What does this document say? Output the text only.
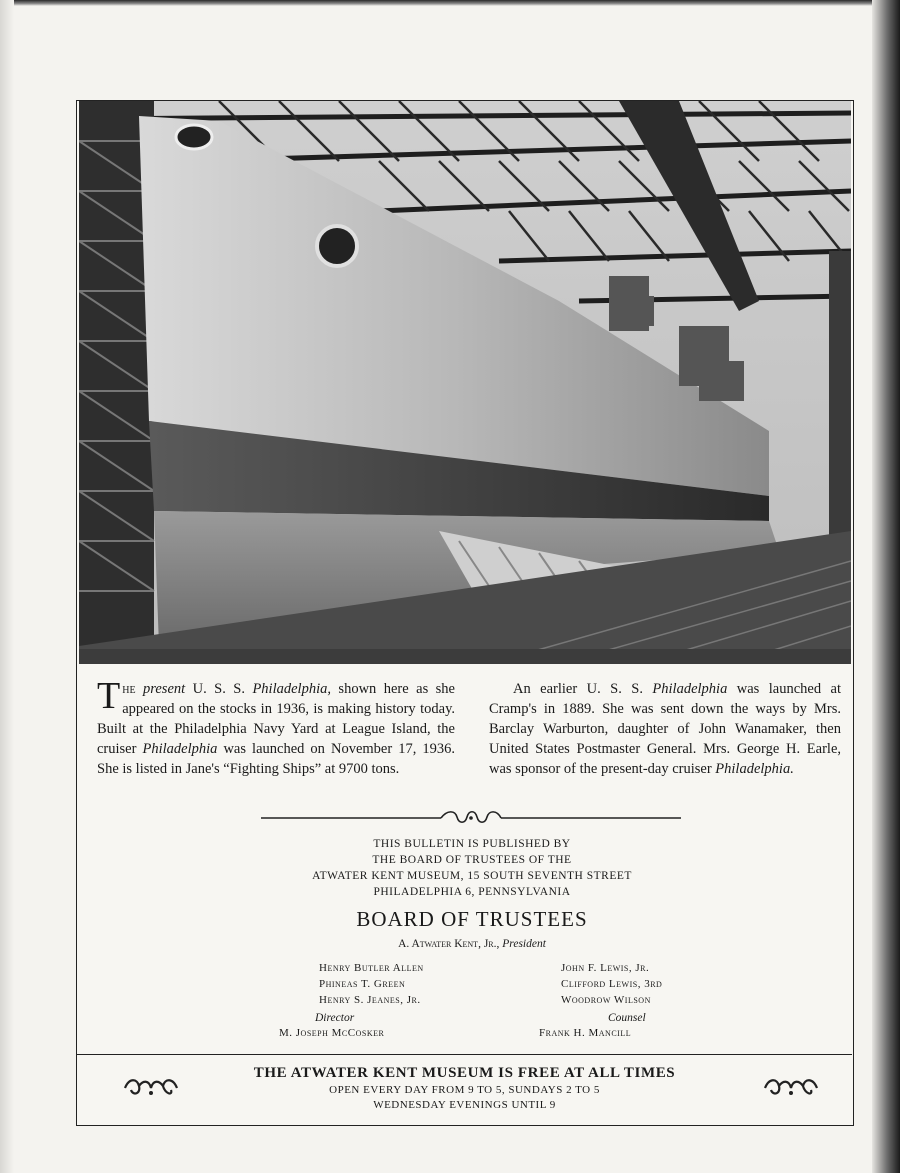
The present U. S. S. Philadelphia, shown here as she appeared on the stocks in 1936, is making history today. Built at the Philadelphia Navy Yard at League Island, the cruiser Philadelphia was launched on November 17, 1936. She is listed in Jane's “Fighting Ships” at 9700 tons.
An earlier U. S. S. Philadelphia was launched at Cramp's in 1889. She was sent down the ways by Mrs. Barclay Warburton, daughter of John Wanamaker, then United States Postmaster General. Mrs. George H. Earle, was sponsor of the present-day cruiser Philadelphia.
THIS BULLETIN IS PUBLISHED BY
THE BOARD OF TRUSTEES OF THE
ATWATER KENT MUSEUM, 15 SOUTH SEVENTH STREET
PHILADELPHIA 6, PENNSYLVANIA
BOARD OF TRUSTEES
A. Atwater Kent, Jr., President
Henry Butler Allen
Phineas T. Green
Henry S. Jeanes, Jr.
John F. Lewis, Jr.
Clifford Lewis, 3rd
Woodrow Wilson
Director	Counsel
M. Joseph McCosker	Frank H. Mancill
THE ATWATER KENT MUSEUM IS FREE AT ALL TIMES
OPEN EVERY DAY FROM 9 TO 5, SUNDAYS 2 TO 5
WEDNESDAY EVENINGS UNTIL 9
